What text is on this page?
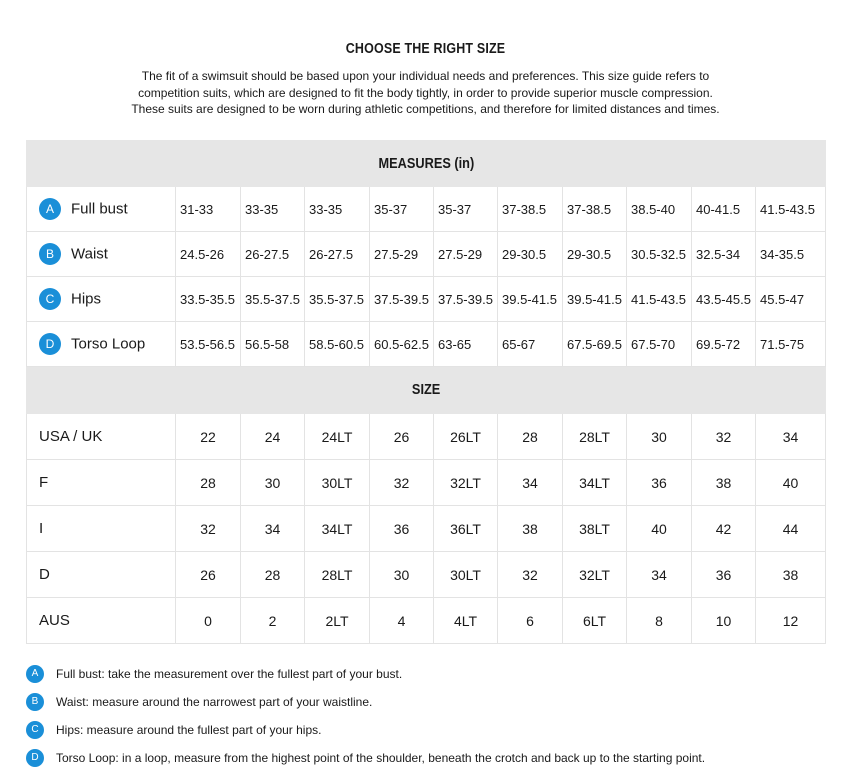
CHOOSE THE RIGHT SIZE
The fit of a swimsuit should be based upon your individual needs and preferences. This size guide refers to
competition suits, which are designed to fit the body tightly, in order to provide superior muscle compression.
These suits are designed to be worn during athletic competitions, and therefore for limited distances and times.
MEASURES (in)										
A Full bust	31-33	33-35	33-35	35-37	35-37	37-38.5	37-38.5	38.5-40	40-41.5	41.5-43.5
B Waist	24.5-26	26-27.5	26-27.5	27.5-29	27.5-29	29-30.5	29-30.5	30.5-32.5	32.5-34	34-35.5
C Hips	33.5-35.5	35.5-37.5	35.5-37.5	37.5-39.5	37.5-39.5	39.5-41.5	39.5-41.5	41.5-43.5	43.5-45.5	45.5-47
D Torso Loop	53.5-56.5	56.5-58	58.5-60.5	60.5-62.5	63-65	65-67	67.5-69.5	67.5-70	69.5-72	71.5-75
SIZE										
USA / UK	22	24	24LT	26	26LT	28	28LT	30	32	34
F	28	30	30LT	32	32LT	34	34LT	36	38	40
I	32	34	34LT	36	36LT	38	38LT	40	42	44
D	26	28	28LT	30	30LT	32	32LT	34	36	38
AUS	0	2	2LT	4	4LT	6	6LT	8	10	12
A	Full bust: take the measurement over the fullest part of your bust.
B	Waist: measure around the narrowest part of your waistline.
C	Hips: measure around the fullest part of your hips.
D	Torso Loop: in a loop, measure from the highest point of the shoulder, beneath the crotch and back up to the starting point.
